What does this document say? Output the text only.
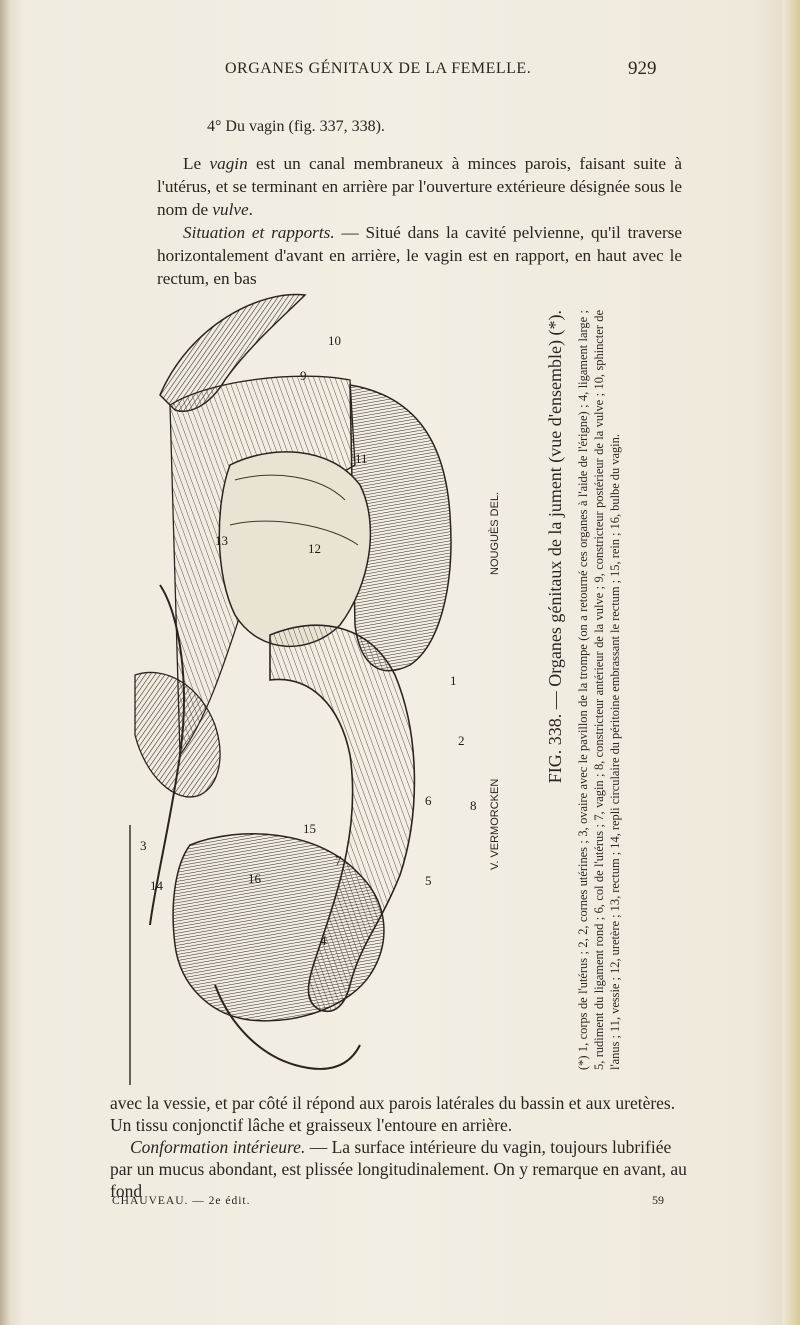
ORGANES GÉNITAUX DE LA FEMELLE.	929
4° Du vagin (fig. 337, 338).

Le vagin est un canal membraneux à minces parois, faisant suite à l'utérus, et se terminant en arrière par l'ouverture extérieure désignée sous le nom de vulve.

Situation et rapports. — Situé dans la cavité pelvienne, qu'il traverse horizontalement d'avant en arrière, le vagin est en rapport, en haut avec le rectum, en bas

10
9
13
12
11
16
15
14
1
2
7
8
6
5
4
3	V. VERMORCKEN
NOUGUÈS DEL. FIG. 338. — Organes génitaux de la jument (vue d'ensemble) (*). (*) 1, corps de l'utérus ; 2, 2, cornes utérines ; 3, ovaire avec le pavillon de la trompe (on a retourné ces organes à l'aide de l'érigne) ; 4, ligament large ; 5, rudiment du ligament rond ; 6, col de l'utérus ; 7, vagin ; 8, constricteur antérieur de la vulve ; 9, constricteur postérieur de la vulve ; 10, sphincter de l'anus ; 11, vessie ; 12, uretère ; 13, rectum ; 14, repli circulaire du péritoine embrassant le rectum ; 15, rein ; 16, bulbe du vagin.

avec la vessie, et par côté il répond aux parois latérales du bassin et aux uretères. Un tissu conjonctif lâche et graisseux l'entoure en arrière.

Conformation intérieure. — La surface intérieure du vagin, toujours lubrifiée par un mucus abondant, est plissée longitudinalement. On y remarque en avant, au fond

CHAUVEAU. — 2e édit.	59
